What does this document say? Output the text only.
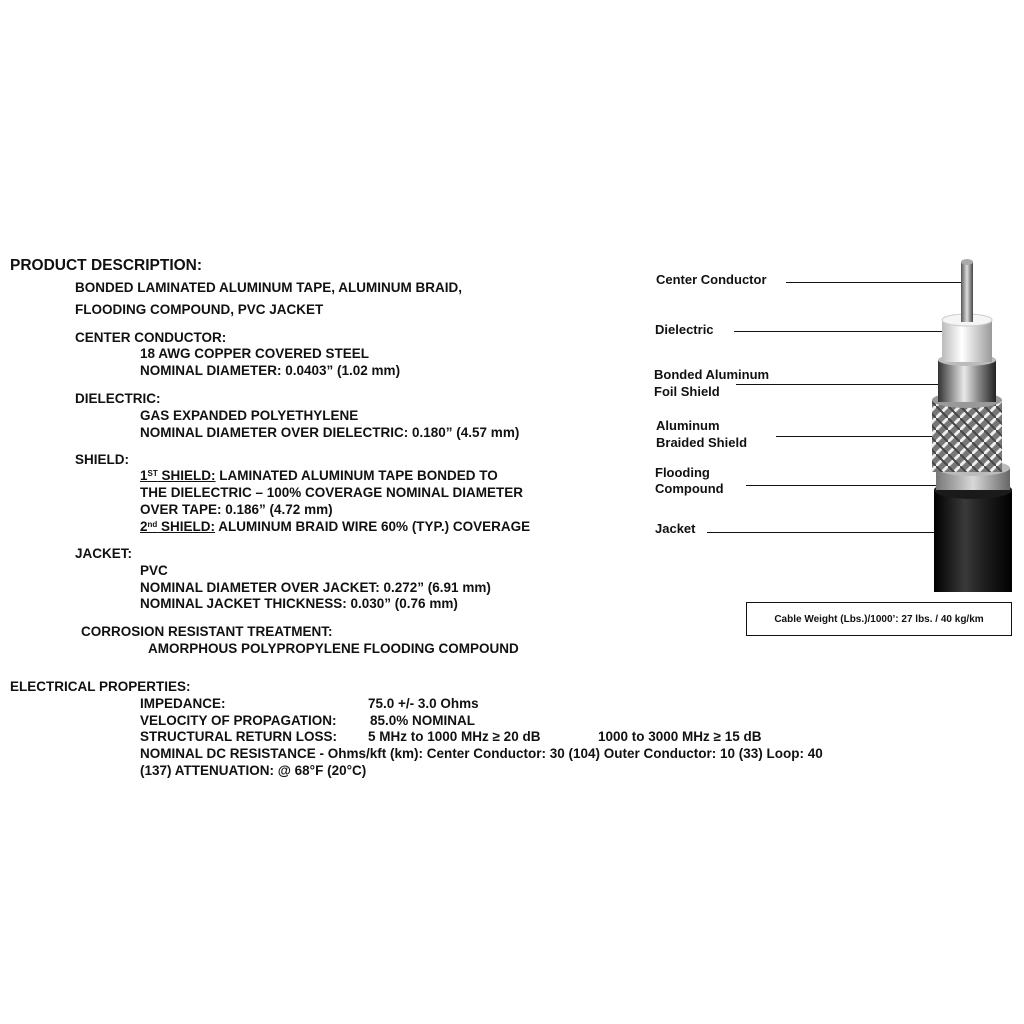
PRODUCT DESCRIPTION:
BONDED LAMINATED ALUMINUM TAPE, ALUMINUM BRAID,
FLOODING COMPOUND, PVC JACKET
CENTER CONDUCTOR:
18 AWG COPPER COVERED STEEL
NOMINAL DIAMETER: 0.0403” (1.02 mm)
DIELECTRIC:
GAS EXPANDED POLYETHYLENE
NOMINAL DIAMETER OVER DIELECTRIC: 0.180” (4.57 mm)
SHIELD:
1ST SHIELD: LAMINATED ALUMINUM TAPE BONDED TO
THE DIELECTRIC – 100% COVERAGE NOMINAL DIAMETER
OVER TAPE: 0.186” (4.72 mm)
2nd SHIELD: ALUMINUM BRAID WIRE 60% (TYP.) COVERAGE
JACKET:
PVC
NOMINAL DIAMETER OVER JACKET: 0.272” (6.91 mm)
NOMINAL JACKET THICKNESS: 0.030” (0.76 mm)
CORROSION RESISTANT TREATMENT:
AMORPHOUS POLYPROPYLENE FLOODING COMPOUND
ELECTRICAL PROPERTIES:
IMPEDANCE:	75.0 +/- 3.0 Ohms
VELOCITY OF PROPAGATION: 85.0% NOMINAL
STRUCTURAL RETURN LOSS: 5 MHz to 1000 MHz ≥ 20 dB	1000 to 3000 MHz ≥ 15 dB
NOMINAL DC RESISTANCE - Ohms/kft (km): Center Conductor: 30 (104) Outer Conductor: 10 (33) Loop: 40
(137) ATTENUATION: @ 68°F (20°C)
Center Conductor
Dielectric
Bonded Aluminum
Foil Shield
Aluminum
Braided Shield
Flooding
Compound
Jacket
Cable Weight (Lbs.)/1000’: 27 lbs. / 40 kg/km
